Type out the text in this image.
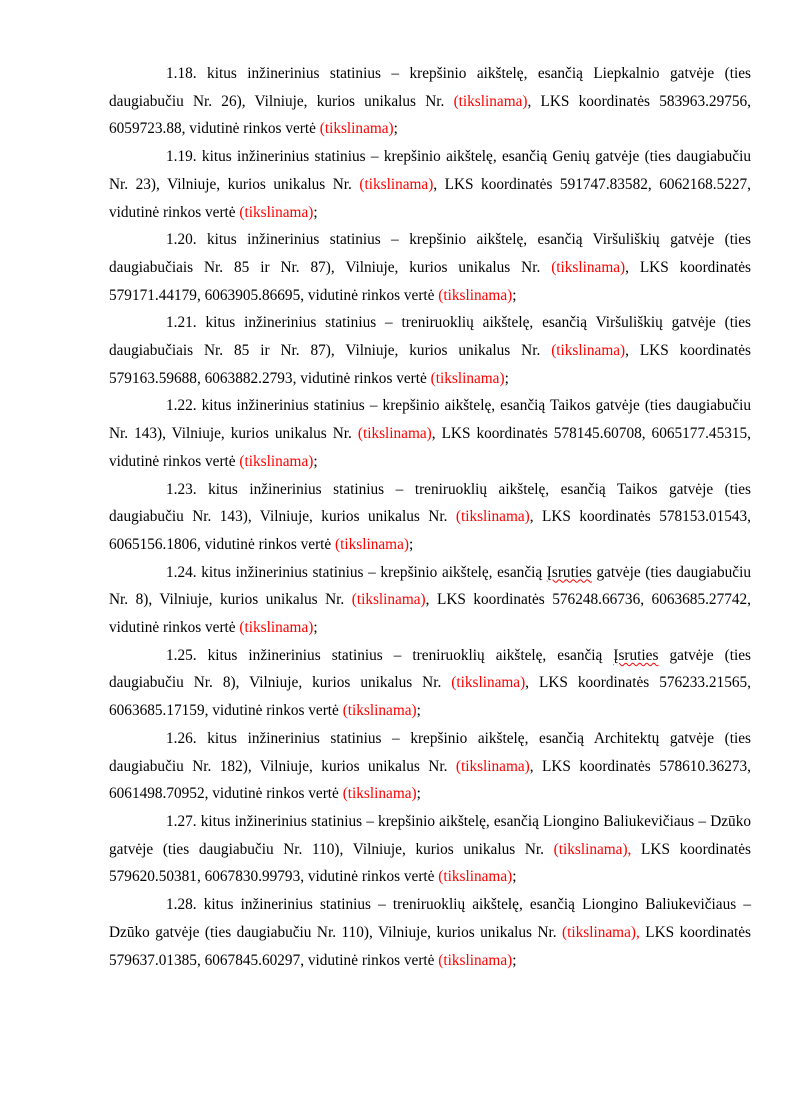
1.18. kitus inžinerinius statinius – krepšinio aikštelę, esančią Liepkalnio gatvėje (ties daugiabučiu Nr. 26), Vilniuje, kurios unikalus Nr. (tikslinama), LKS koordinatės 583963.29756, 6059723.88, vidutinė rinkos vertė (tikslinama);

1.19. kitus inžinerinius statinius – krepšinio aikštelę, esančią Genių gatvėje (ties daugiabučiu Nr. 23), Vilniuje, kurios unikalus Nr. (tikslinama), LKS koordinatės 591747.83582, 6062168.5227, vidutinė rinkos vertė (tikslinama);

1.20. kitus inžinerinius statinius – krepšinio aikštelę, esančią Viršuliškių gatvėje (ties daugiabučiais Nr. 85 ir Nr. 87), Vilniuje, kurios unikalus Nr. (tikslinama), LKS koordinatės 579171.44179, 6063905.86695, vidutinė rinkos vertė (tikslinama);

1.21. kitus inžinerinius statinius – treniruoklių aikštelę, esančią Viršuliškių gatvėje (ties daugiabučiais Nr. 85 ir Nr. 87), Vilniuje, kurios unikalus Nr. (tikslinama), LKS koordinatės 579163.59688, 6063882.2793, vidutinė rinkos vertė (tikslinama);

1.22. kitus inžinerinius statinius – krepšinio aikštelę, esančią Taikos gatvėje (ties daugiabučiu Nr. 143), Vilniuje, kurios unikalus Nr. (tikslinama), LKS koordinatės 578145.60708, 6065177.45315, vidutinė rinkos vertė (tikslinama);

1.23. kitus inžinerinius statinius – treniruoklių aikštelę, esančią Taikos gatvėje (ties daugiabučiu Nr. 143), Vilniuje, kurios unikalus Nr. (tikslinama), LKS koordinatės 578153.01543, 6065156.1806, vidutinė rinkos vertė (tikslinama);

1.24. kitus inžinerinius statinius – krepšinio aikštelę, esančią Įsruties gatvėje (ties daugiabučiu Nr. 8), Vilniuje, kurios unikalus Nr. (tikslinama), LKS koordinatės 576248.66736, 6063685.27742, vidutinė rinkos vertė (tikslinama);

1.25. kitus inžinerinius statinius – treniruoklių aikštelę, esančią Įsruties gatvėje (ties daugiabučiu Nr. 8), Vilniuje, kurios unikalus Nr. (tikslinama), LKS koordinatės 576233.21565, 6063685.17159, vidutinė rinkos vertė (tikslinama);

1.26. kitus inžinerinius statinius – krepšinio aikštelę, esančią Architektų gatvėje (ties daugiabučiu Nr. 182), Vilniuje, kurios unikalus Nr. (tikslinama), LKS koordinatės 578610.36273, 6061498.70952, vidutinė rinkos vertė (tikslinama);

1.27. kitus inžinerinius statinius – krepšinio aikštelę, esančią Liongino Baliukevičiaus – Dzūko gatvėje (ties daugiabučiu Nr. 110), Vilniuje, kurios unikalus Nr. (tikslinama), LKS koordinatės 579620.50381, 6067830.99793, vidutinė rinkos vertė (tikslinama);

1.28. kitus inžinerinius statinius – treniruoklių aikštelę, esančią Liongino Baliukevičiaus – Dzūko gatvėje (ties daugiabučiu Nr. 110), Vilniuje, kurios unikalus Nr. (tikslinama), LKS koordinatės 579637.01385, 6067845.60297, vidutinė rinkos vertė (tikslinama);
